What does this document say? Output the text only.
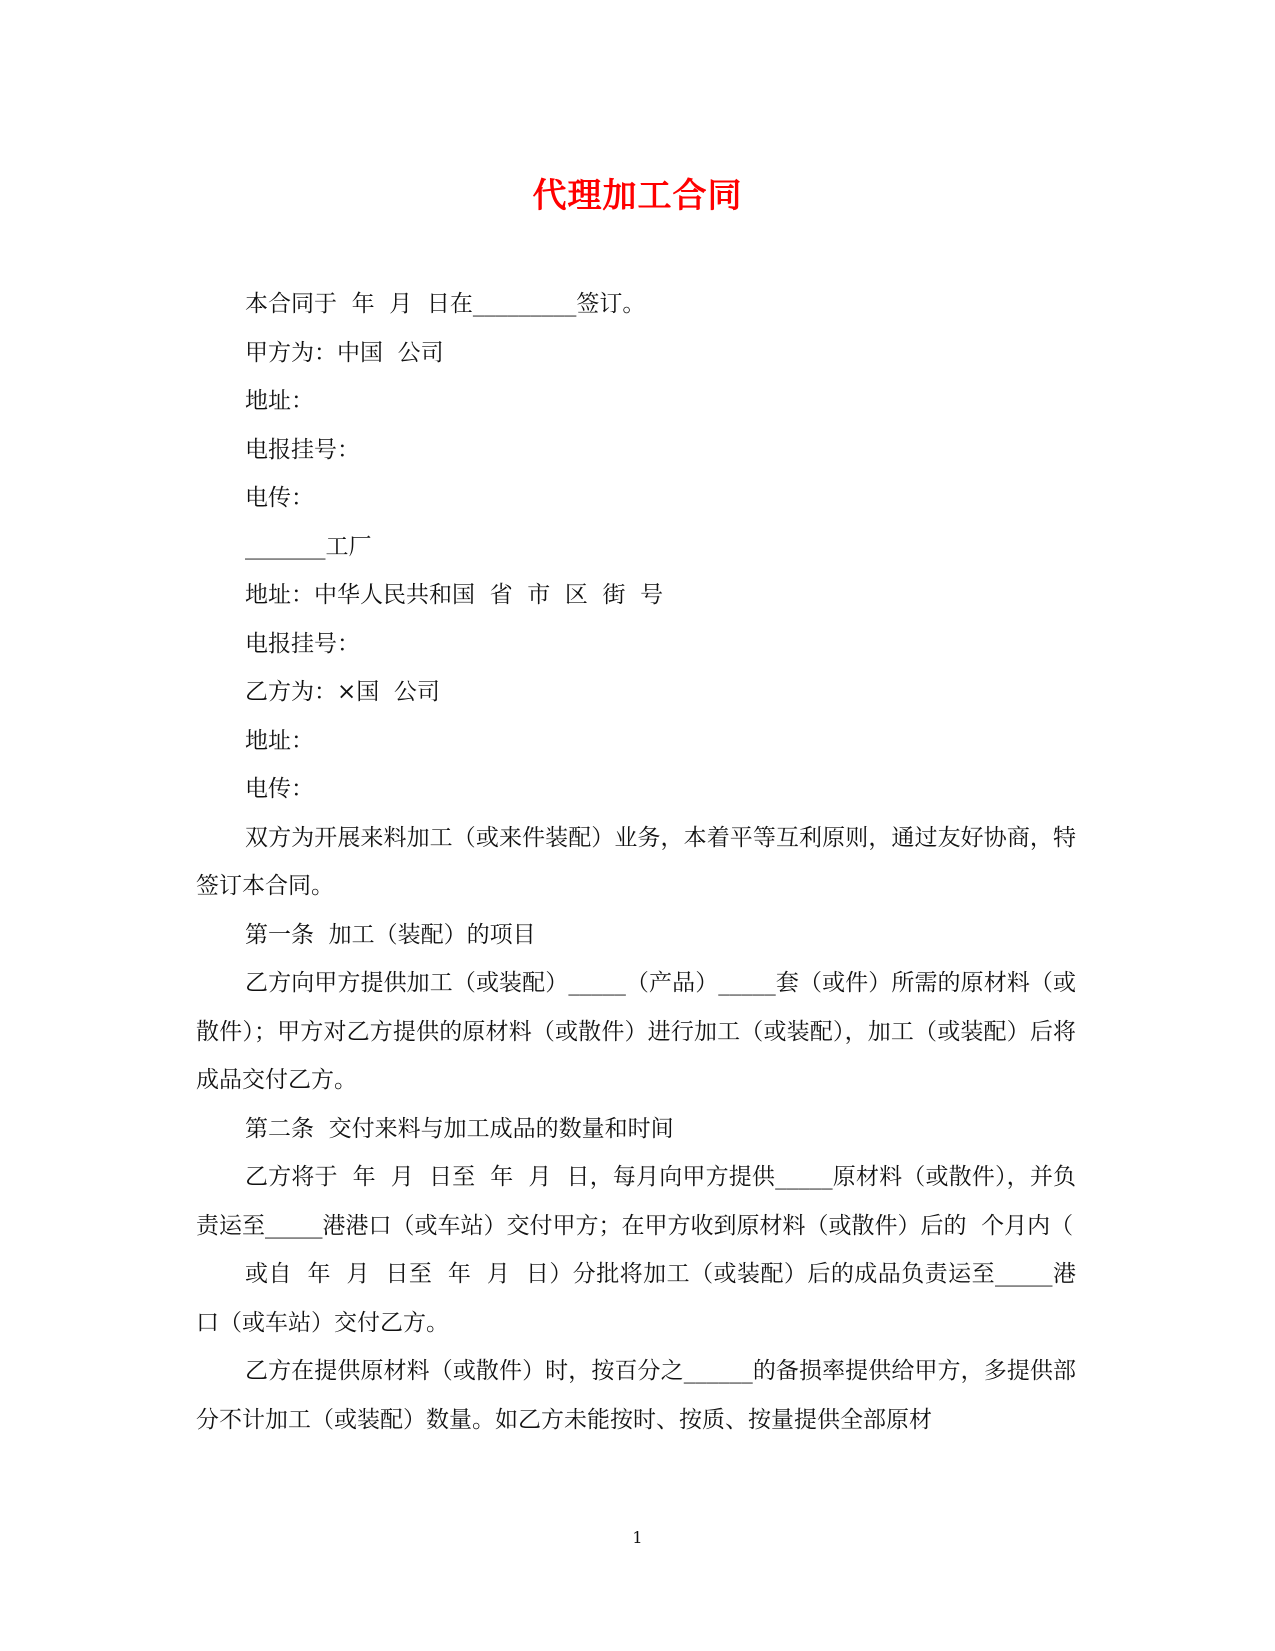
代理加工合同

本合同于  年  月  日在_________签订。

甲方为：中国  公司

地址：

电报挂号：

电传：

_______工厂

地址：中华人民共和国  省  市  区  街  号

电报挂号：

乙方为：×国  公司

地址：

电传：

双方为开展来料加工（或来件装配）业务，本着平等互利原则，通过友好协商，特签订本合同。

第一条  加工（装配）的项目

乙方向甲方提供加工（或装配）_____（产品）_____套（或件）所需的原材料（或散件）；甲方对乙方提供的原材料（或散件）进行加工（或装配），加工（或装配）后将成品交付乙方。

第二条  交付来料与加工成品的数量和时间

乙方将于  年  月  日至  年  月  日，每月向甲方提供_____原材料（或散件），并负责运至_____港港口（或车站）交付甲方；在甲方收到原材料（或散件）后的  个月内（

或自  年  月  日至  年  月  日）分批将加工（或装配）后的成品负责运至_____港口（或车站）交付乙方。

乙方在提供原材料（或散件）时，按百分之______的备损率提供给甲方，多提供部分不计加工（或装配）数量。如乙方未能按时、按质、按量提供全部原材

1
